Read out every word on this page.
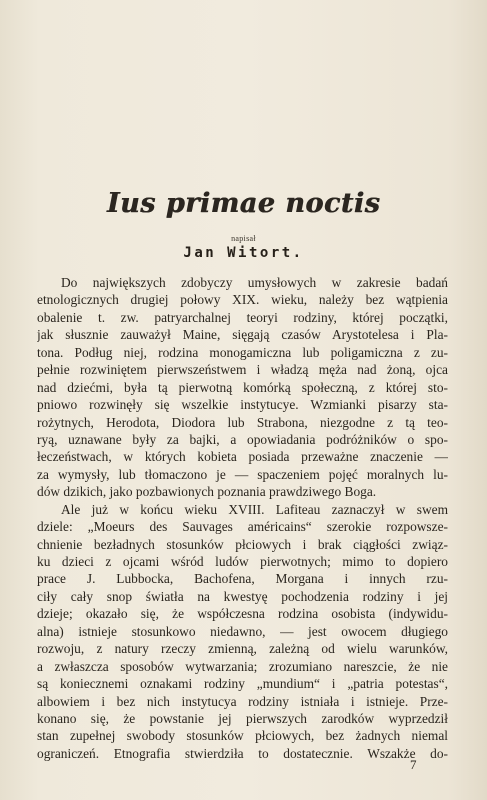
Ius primae noctis
napisał
Jan Witort.
Do największych zdobyczy umysłowych w zakresie badań
etnologicznych drugiej połowy XIX. wieku, należy bez wątpienia
obalenie t. zw. patryarchalnej teoryi rodziny, której początki,
jak słusznie zauważył Maine, sięgają czasów Arystotelesa i Pla-
tona. Podług niej, rodzina monogamiczna lub poligamiczna z zu-
pełnie rozwiniętem pierwszeństwem i władzą męża nad żoną, ojca
nad dziećmi, była tą pierwotną komórką społeczną, z której sto-
pniowo rozwinęły się wszelkie instytucye. Wzmianki pisarzy sta-
rożytnych, Herodota, Diodora lub Strabona, niezgodne z tą teo-
ryą, uznawane były za bajki, a opowiadania podróżników o spo-
łeczeństwach, w których kobieta posiada przeważne znaczenie —
za wymysły, lub tłomaczono je — spaczeniem pojęć moralnych lu-
dów dzikich, jako pozbawionych poznania prawdziwego Boga.
Ale już w końcu wieku XVIII. Lafiteau zaznaczył w swem
dziele: „Moeurs des Sauvages américains“ szerokie rozpowsze-
chnienie bezładnych stosunków płciowych i brak ciągłości związ-
ku dzieci z ojcami wśród ludów pierwotnych; mimo to dopiero
prace J. Lubbocka, Bachofena, Morgana i innych rzu-
ciły cały snop światła na kwestyę pochodzenia rodziny i jej
dzieje; okazało się, że współczesna rodzina osobista (indywidu-
alna) istnieje stosunkowo niedawno, — jest owocem długiego
rozwoju, z natury rzeczy zmienną, zależną od wielu warunków,
a zwłaszcza sposobów wytwarzania; zrozumiano nareszcie, że nie
są koniecznemi oznakami rodziny „mundium“ i „patria potestas“,
albowiem i bez nich instytucya rodziny istniała i istnieje. Prze-
konano się, że powstanie jej pierwszych zarodków wyprzedził
stan zupełnej swobody stosunków płciowych, bez żadnych niemal
ograniczeń. Etnografia stwierdziła to dostatecznie. Wszakże do-
7
